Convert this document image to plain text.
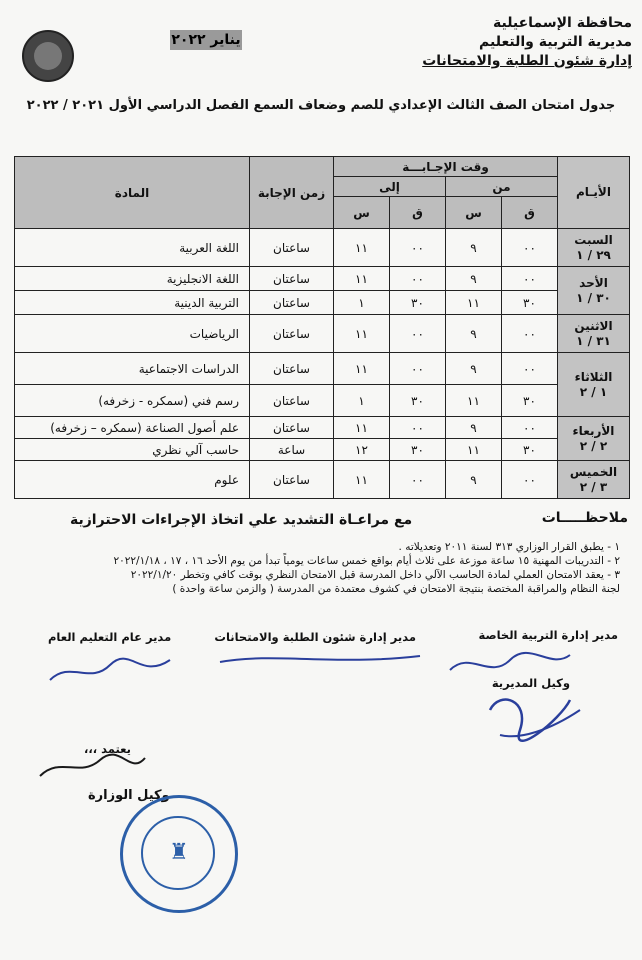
محافظة الإسماعيلية
مديرية التربية والتعليم
إدارة شئون الطلبة والامتحانات
يناير ٢٠٢٢
جدول امتحان الصف الثالث الإعدادي للصم وضعاف السمع الفصل الدراسي الأول ٢٠٢١ / ٢٠٢٢
الأيـام	وقت الإجـابـــة				زمن الإجابة	المادة
	من		إلى			
	ق	س	ق	س		

السبت
٢٩ / ١	٠٠	٩	٠٠	١١	ساعتان	اللغة العربية

الأحد
٣٠ / ١	٠٠	٩	٠٠	١١	ساعتان	اللغة الانجليزية
	٣٠	١١	٣٠	١	ساعتان	التربية الدينية

الاثنين
٣١ / ١	٠٠	٩	٠٠	١١	ساعتان	الرياضيات

الثلاثاء
١ / ٢	٠٠	٩	٠٠	١١	ساعتان	الدراسات الاجتماعية
	٣٠	١١	٣٠	١	ساعتان	رسم فني (سمكره - زخرفه)

الأربعاء
٢ / ٢	٠٠	٩	٠٠	١١	ساعتان	علم أصول الصناعة (سمكره – زخرفه)
	٣٠	١١	٣٠	١٢	ساعة	حاسب آلي نظري

الخميس
٣ / ٢	٠٠	٩	٠٠	١١	ساعتان	علوم
ملاحظـــــات
مع مراعـاة التشديد علي اتخاذ الإجراءات الاحترازية
١ - يطبق القرار الوزاري ٣١٣ لسنة ٢٠١١ وتعديلاته .
٢ - التدريبات المهنية ١٥ ساعة موزعة على ثلاث أيام بواقع خمس ساعات يومياً تبدأ من يوم الأحد ١٦ ، ١٧ ، ٢٠٢٢/١/١٨
٣ - يعقد الامتحان العملي لمادة الحاسب الآلي داخل المدرسة قبل الامتحان النظري بوقت كافي وتخطر ٢٠٢٢/١/٢٠
لجنة النظام والمراقبة المختصة بنتيجة الامتحان في كشوف معتمدة من المدرسة ( والزمن ساعة واحدة )
مدير إدارة التربية الخاصة
مدير إدارة شئون الطلبة والامتحانات
مدير عام التعليم العام
وكيل المديرية
يعتمد ،،،
وكيل الوزارة
♜
